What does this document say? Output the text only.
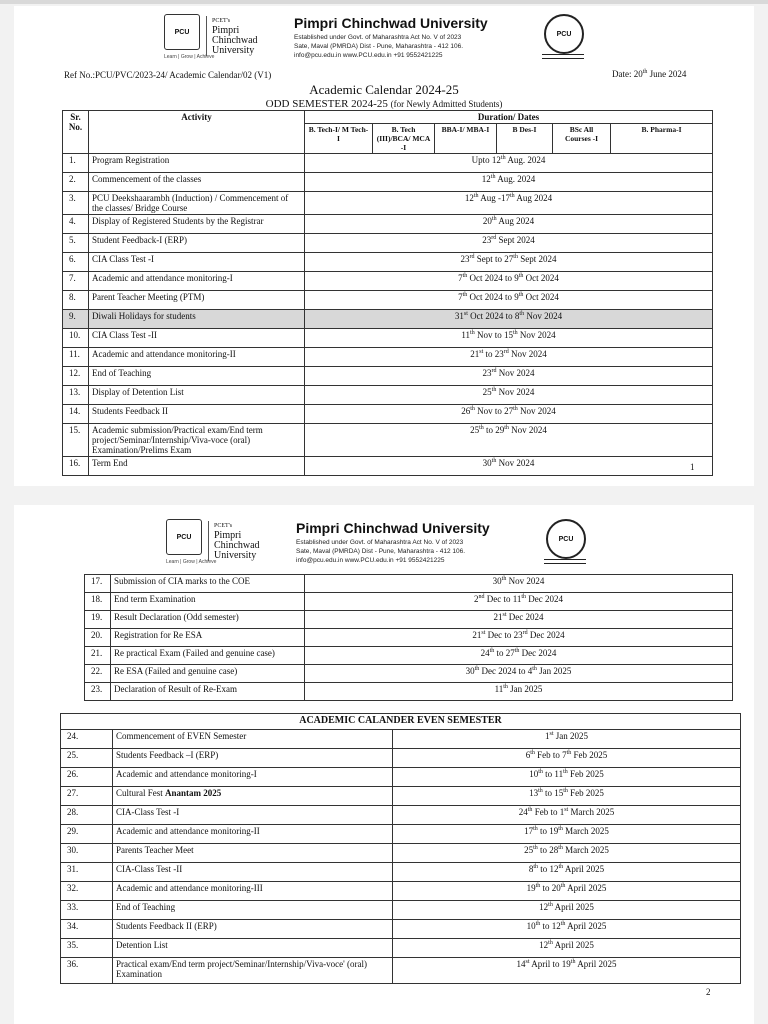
PCU
PCET's
Pimpri
Chinchwad
University
Learn | Grow | Achieve
Pimpri Chinchwad University
Established under Govt. of Maharashtra Act No. V of 2023
Sate, Maval (PMRDA) Dist - Pune, Maharashtra - 412 106.
info@pcu.edu.in www.PCU.edu.in +91 9552421225
PCU
Ref No.:PCU/PVC/2023-24/ Academic Calendar/02 (V1)	Date: 20th June 2024
Academic Calendar 2024-25
ODD SEMESTER 2024-25 (for Newly Admitted Students)
Sr. No.	Activity	Duration/ Dates					
		B. Tech-I/ M Tech-I	B. Tech (III)/BCA/ MCA -I	BBA-I/ MBA-I	B Des-I	BSc All Courses -I	B. Pharma-I
1.	Program Registration	Upto 12th Aug. 2024					
2.	Commencement of the classes	12th Aug. 2024					
3.	PCU Deekshaarambh (Induction) / Commencement of the classes/ Bridge Course	12th Aug -17th Aug 2024					
4.	Display of Registered Students by the Registrar	20th Aug 2024					
5.	Student Feedback-I (ERP)	23rd Sept 2024					
6.	CIA Class Test -I	23rd Sept to 27th Sept 2024					
7.	Academic and attendance monitoring-I	7th Oct 2024 to 9th Oct 2024					
8.	Parent Teacher Meeting (PTM)	7th Oct 2024 to 9th Oct 2024					
9.	Diwali Holidays for students	31st Oct 2024 to 8th Nov 2024					
10.	CIA Class Test -II	11th Nov to 15th Nov 2024					
11.	Academic and attendance monitoring-II	21st to 23rd Nov 2024					
12.	End of Teaching	23rd Nov 2024					
13.	Display of Detention List	25th Nov 2024					
14.	Students Feedback II	26th Nov to 27th Nov 2024					
15.	Academic submission/Practical exam/End term project/Seminar/Internship/Viva-voce (oral) Examination/Prelims Exam	25th to 29th Nov 2024					
16.	Term End	30th Nov 2024						1
PCU
PCET's
Pimpri
Chinchwad
University
Learn | Grow | Achieve
Pimpri Chinchwad University
Established under Govt. of Maharashtra Act No. V of 2023
Sate, Maval (PMRDA) Dist - Pune, Maharashtra - 412 106.
info@pcu.edu.in www.PCU.edu.in +91 9552421225
PCU
17.	Submission of CIA marks to the COE	30th Nov 2024
18.	End term Examination	2nd Dec to 11th Dec 2024
19.	Result Declaration (Odd semester)	21st Dec 2024
20.	Registration for Re ESA	21st Dec to 23rd Dec 2024
21.	Re practical Exam (Failed and genuine case)	24th to 27th Dec 2024
22.	Re ESA (Failed and genuine case)	30th Dec 2024 to 4th Jan 2025
23.	Declaration of Result of Re-Exam	11th Jan 2025
ACADEMIC CALANDER EVEN SEMESTER		
24.	Commencement of EVEN Semester	1st Jan 2025
25.	Students Feedback –I (ERP)	6th Feb to 7th Feb 2025
26.	Academic and attendance monitoring-I	10th to 11th Feb 2025
27.	Cultural Fest Anantam 2025	13th to 15th Feb 2025
28.	CIA-Class Test -I	24th Feb to 1st March 2025
29.	Academic and attendance monitoring-II	17th to 19th March 2025
30.	Parents Teacher Meet	25th to 28th March 2025
31.	CIA-Class Test -II	8th to 12th April 2025
32.	Academic and attendance monitoring-III	19th to 20th April 2025
33.	End of Teaching	12th April 2025
34.	Students Feedback II (ERP)	10th to 12th April 2025
35.	Detention List	12th April 2025
36.	Practical exam/End term project/Seminar/Internship/Viva-voce' (oral) Examination	14st April to 19th April 2025
2
